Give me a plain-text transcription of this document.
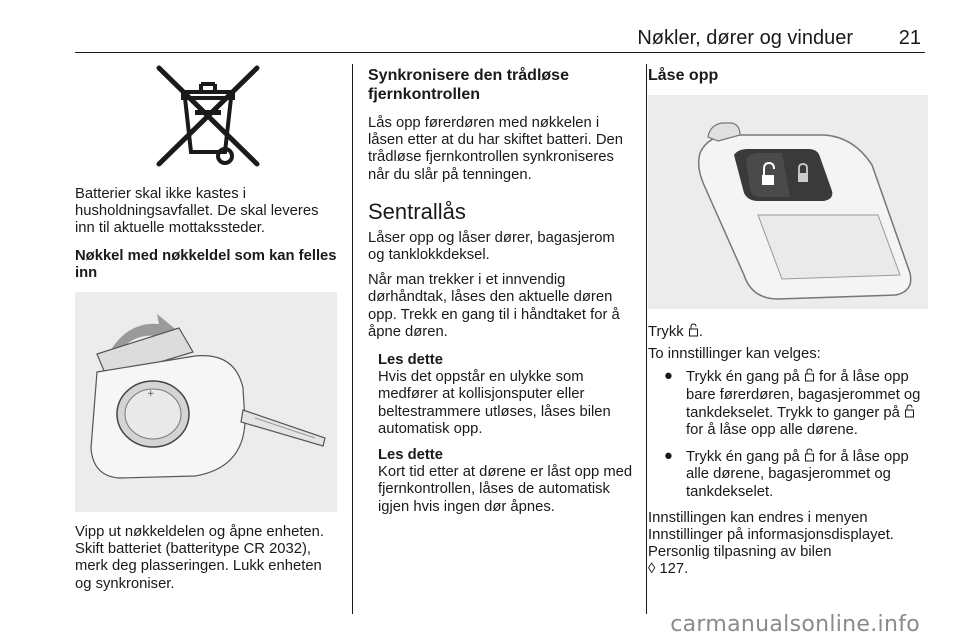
Nøkler, dører og vinduer 21

Batterier skal ikke kastes i husholdningsavfallet. De skal leveres inn til aktuelle mottakssteder.

Nøkkel med nøkkeldel som kan felles inn

+

Vipp ut nøkkeldelen og åpne enheten. Skift batteriet (batteritype CR 2032), merk deg plasseringen. Lukk enheten og synkroniser.

Synkronisere den trådløse fjernkontrollen

Lås opp førerdøren med nøkkelen i låsen etter at du har skiftet batteri. Den trådløse fjernkontrollen synkroniseres når du slår på tenningen.

Sentrallås

Låser opp og låser dører, bagasjerom og tanklokkdeksel.

Når man trekker i et innvendig dørhåndtak, låses den aktuelle døren opp. Trekk en gang til i håndtaket for å åpne døren.

Les dette

Hvis det oppstår en ulykke som medfører at kollisjonsputer eller beltestrammere utløses, låses bilen automatisk opp.

Les dette

Kort tid etter at dørene er låst opp med fjernkontrollen, låses de automatisk igjen hvis ingen dør åpnes.

Låse opp

Trykk .

To innstillinger kan velges:

● Trykk én gang på for å låse opp bare førerdøren, bagasjerommet og tankdekselet. Trykk to ganger på  for å låse opp alle dørene.
● Trykk én gang på for å låse opp alle dørene, bagasjerommet og tankdekselet.

Innstillingen kan endres i menyen Innstillinger på informasjonsdisplayet. Personlig tilpasning av bilen
◊ 127.

carmanualsonline.info
